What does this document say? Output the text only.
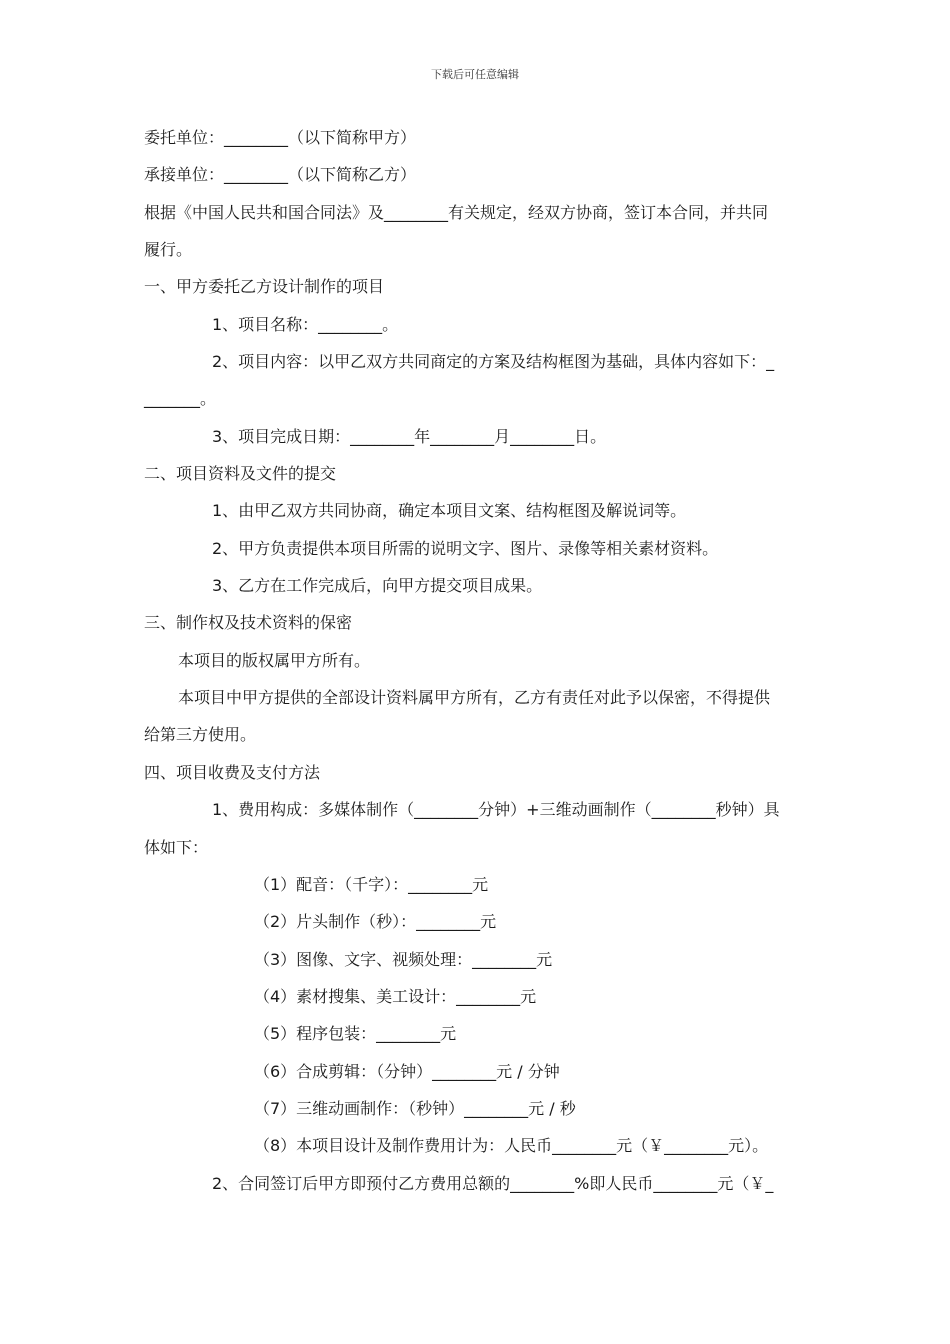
下载后可任意编辑
委托单位：________（以下简称甲方）
承接单位：________（以下简称乙方）
根据《中国人民共和国合同法》及________有关规定，经双方协商，签订本合同，并共同
履行。
一、甲方委托乙方设计制作的项目
1、项目名称：________。
2、项目内容：以甲乙双方共同商定的方案及结构框图为基础，具体内容如下：_
_______。
3、项目完成日期：________年________月________日。
二、项目资料及文件的提交
1、由甲乙双方共同协商，确定本项目文案、结构框图及解说词等。
2、甲方负责提供本项目所需的说明文字、图片、录像等相关素材资料。
3、乙方在工作完成后，向甲方提交项目成果。
三、制作权及技术资料的保密
本项目的版权属甲方所有。
本项目中甲方提供的全部设计资料属甲方所有，乙方有责任对此予以保密，不得提供
给第三方使用。
四、项目收费及支付方法
1、费用构成：多媒体制作（________分钟）+三维动画制作（________秒钟）具
体如下：
（1）配音：（千字）：________元
（2）片头制作（秒）：________元
（3）图像、文字、视频处理：________元
（4）素材搜集、美工设计：________元
（5）程序包装：________元
（6）合成剪辑：（分钟）________元 / 分钟
（7）三维动画制作：（秒钟）________元 / 秒
（8）本项目设计及制作费用计为：人民币________元（￥________元）。
2、合同签订后甲方即预付乙方费用总额的________%即人民币________元（￥_
